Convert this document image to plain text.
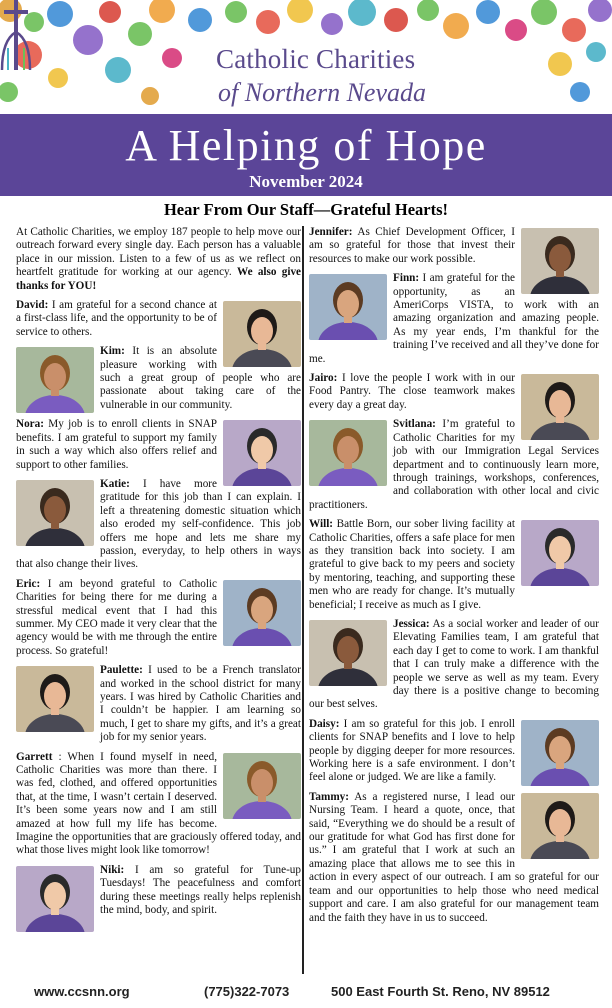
Catholic Charities
of Northern Nevada
A Helping of Hope
November 2024
Hear From Our Staff—Grateful Hearts!

At Catholic Charities, we employ 187 people to help move our outreach forward every single day. Each person has a valuable place in our mission. Listen to a few of us as we reflect on heartfelt gratitude for working at our agency. We also give thanks for YOU!

David: I am grateful for a second chance at a first-class life, and the opportunity to be of service to others.

Kim: It is an absolute pleasure working with such a great group of people who are passionate about taking care of the vulnerable in our community.

Nora: My job is to enroll clients in SNAP benefits. I am grateful to support my family in such a way which also offers relief and support to other families.

Katie: I have more gratitude for this job than I can explain. I left a threatening domestic situation which also eroded my self-confidence. This job offers me hope and lets me share my passion, everyday, to help others in ways that also change their lives.

Eric: I am beyond grateful to Catholic Charities for being there for me during a stressful medical event that I had this summer. My CEO made it very clear that the agency would be with me through the entire process. So grateful!

Paulette: I used to be a French translator and worked in the school district for many years. I was hired by Catholic Charities and I couldn’t be happier. I am learning so much, I get to share my gifts, and it’s a great job for my senior years.

Garrett : When I found myself in need, Catholic Charities was more than there. I was fed, clothed, and offered opportunities that, at the time, I wasn’t certain I deserved. It’s been some years now and I am still amazed at how full my life has become. Imagine the opportunities that are graciously offered today, and what those lives might look like tomorrow!

Niki: I am so grateful for Tune-up Tuesdays! The peacefulness and comfort during these meetings really helps replenish the mind, body, and spirit.

Jennifer: As Chief Development Officer, I am so grateful for those that invest their resources to make our work possible.

Finn: I am grateful for the opportunity, as an AmeriCorps VISTA, to work with an amazing organization and amazing people. As my year ends, I’m thankful for the training I’ve received and all they’ve done for me.

Jairo: I love the people I work with in our Food Pantry. The close teamwork makes every day a great day.

Svitlana: I’m grateful to Catholic Charities for my job with our Immigration Legal Services department and to continuously learn more, through trainings, workshops, conferences, and collaboration with other local and civic practitioners.

Will: Battle Born, our sober living facility at Catholic Charities, offers a safe place for men as they transition back into society. I am grateful to give back to my peers and society by mentoring, teaching, and supporting these men who are ready for change. It’s mutually beneficial; I receive as much as I give.

Jessica: As a social worker and leader of our Elevating Families team, I am grateful that each day I get to come to work. I am thankful that I can truly make a difference with the people we serve as well as my team. Every day there is a positive change to becoming our best selves.

Daisy: I am so grateful for this job. I enroll clients for SNAP benefits and I love to help people by digging deeper for more resources. Working here is a safe environment. I don’t feel alone or judged. We are like a family.

Tammy: As a registered nurse, I lead our Nursing Team. I heard a quote, once, that said, “Everything we do should be a result of our gratitude for what God has first done for us.” I am grateful that I work at such an amazing place that allows me to see this in action in every aspect of our outreach. I am so grateful for our team and our opportunities to help those who need medical support and care. I am also grateful for our management team and the faith they have in us to succeed.

www.ccsnn.org	(775)322-7073	500 East Fourth St. Reno, NV 89512
